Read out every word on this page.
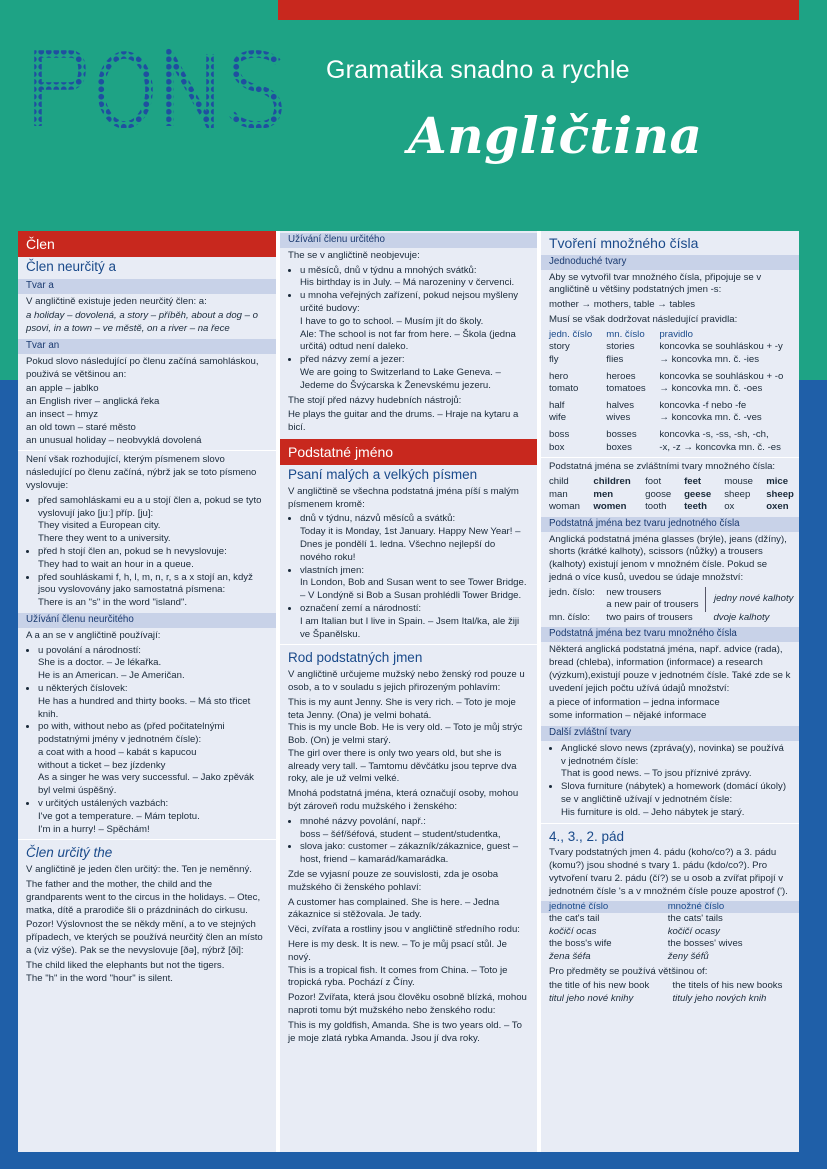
Gramatika snadno a rychle
Angličtina
Člen
Člen neurčitý a
Tvar a
V angličtině existuje jeden neurčitý člen: a:
a holiday – dovolená, a story – příběh, about a dog – o psovi, in a town – ve městě, on a river – na řece
Tvar an
Pokud slovo následující po členu začíná samohláskou, použivá se většinou an:
an apple – jablko
an English river – anglická řeka
an insect – hmyz
an old town – staré město
an unusual holiday – neobvyklá dovolená
Není však rozhodující, kterým písmenem slovo následující po členu začíná, nýbrž jak se toto písmeno vyslovuje:
• před samohláskami eu a u stojí člen a, pokud se tyto vyslovují jako [juː] příp. [ju]:
They visited a European city.
There they went to a university.
• před h stojí člen an, pokud se h nevyslovuje:
They had to wait an hour in a queue.
• před souhláskami f, h, l, m, n, r, s a x stojí an, když jsou vyslovovány jako samostatná písmena:
There is an "s" in the word "island".
Užívání členu neurčitého
A a an se v angličtině používají:
• u povolání a národností:
She is a doctor. – Je lékařka.
He is an American. – Je Američan.
• u některých číslovek:
He has a hundred and thirty books. – Má sto třicet knih.
• po with, without nebo as (před počitatelnými podstatnými jmény v jednotném čísle):
a coat with a hood – kabát s kapucou
without a ticket – bez jízdenky
As a singer he was very successful. – Jako zpěvák byl velmi úspěšný.
• v určitých ustálených vazbách:
I've got a temperature. – Mám teplotu.
I'm in a hurry! – Spěchám!
Člen určitý the
V angličtině je jeden člen určitý: the. Ten je neměnný.
The father and the mother, the child and the grandparents went to the circus in the holidays. – Otec, matka, dítě a prarodiče šli o prázdninách do cirkusu.
Pozor! Výslovnost the se někdy mění, a to ve stejných případech, ve kterých se používá neurčitý člen an místo a (viz výše). Pak se the nevyslovuje [ðə], nýbrž [ði]:
The child liked the elephants but not the tigers.
The "h" in the word "hour" is silent.
Užívání členu určitého
The se v angličtině neobjevuje:
• u měsíců, dnů v týdnu a mnohých svátků:
His birthday is in July. – Má narozeniny v červenci.
• u mnoha veřejných zařízení, pokud nejsou myšleny určité budovy:
I have to go to school. – Musím jít do školy.
Ale: The school is not far from here. – Škola (jedna určitá) odtud není daleko.
• před názvy zemí a jezer:
We are going to Switzerland to Lake Geneva. – Jedeme do Švýcarska k Ženevskému jezeru.
The stojí před názvy hudebních nástrojů:
He plays the guitar and the drums. – Hraje na kytaru a bicí.
Podstatné jméno
Psaní malých a velkých písmen
V angličtině se všechna podstatná jména píší s malým písmenem kromě:
• dnů v týdnu, názvů měsíců a svátků:
Today it is Monday, 1st January. Happy New Year! – Dnes je pondělí 1. ledna. Všechno nejlepší do nového roku!
• vlastních jmen:
In London, Bob and Susan went to see Tower Bridge. – V Londýně si Bob a Susan prohlédli Tower Bridge.
• označení zemí a národností:
I am Italian but I live in Spain. – Jsem Ital/ka, ale žiji ve Španělsku.
Rod podstatných jmen
V angličtině určujeme mužský nebo ženský rod pouze u osob, a to v souladu s jejich přirozeným pohlavím:
This is my aunt Jenny. She is very rich. – Toto je moje teta Jenny. (Ona) je velmi bohatá.
This is my uncle Bob. He is very old. – Toto je můj strýc Bob. (On) je velmi starý.
The girl over there is only two years old, but she is already very tall. – Tamtomu děvčátku jsou teprve dva roky, ale je už velmi velké.
Mnohá podstatná jména, která označují osoby, mohou být zároveň rodu mužského i ženského:
• mnohé názvy povolání, např.:
boss – šéf/šéfová, student – student/studentka,
• slova jako: customer – zákazník/zákaznice, guest – host, friend – kamarád/kamarádka.
Zde se vyjasní pouze ze souvislosti, zda je osoba mužského či ženského pohlaví:
A customer has complained. She is here. – Jedna zákaznice si stěžovala. Je tady.
Věci, zvířata a rostliny jsou v angličtině středního rodu:
Here is my desk. It is new. – To je můj psací stůl. Je nový.
This is a tropical fish. It comes from China. – Toto je tropická ryba. Pochází z Číny.
Pozor! Zvířata, která jsou člověku osobně blízká, mohou naproti tomu být mužského nebo ženského rodu:
This is my goldfish, Amanda. She is two years old. – To je moje zlatá rybka Amanda. Jsou jí dva roky.
Tvoření množného čísla
Jednoduché tvary
Aby se vytvořil tvar množného čísla, připojuje se v angličtině u většiny podstatných jmen -s:
mother → mothers, table → tables
Musí se však dodržovat následující pravidla:
jedn. číslo	mn. číslo	pravidlo
story	stories	koncovka se souhláskou + -y
fly	flies	→ koncovka mn. č. -ies
hero	heroes	koncovka se souhláskou + -o
tomato	tomatoes	→ koncovka mn. č. -oes
half	halves	koncovka -f nebo -fe
wife	wives	→ koncovka mn. č. -ves
boss	bosses	koncovka -s, -ss, -sh, -ch,
box	boxes	-x, -z → koncovka mn. č. -es
Podstatná jména se zvláštními tvary množného čísla:
child	children	foot	feet	mouse	mice
man	men	goose	geese	sheep	sheep
woman	women	tooth	teeth	ox	oxen
Podstatná jména bez tvaru jednotného čísla
Anglická podstatná jména glasses (brýle), jeans (džíny), shorts (krátké kalhoty), scissors (nůžky) a trousers (kalhoty) existují jenom v množném čísle. Pokud se jedná o více kusů, uvedou se údaje množství:
jedn. číslo:	new trousers	jedny nové kalhoty
	a new pair of trousers	
mn. číslo:	two pairs of trousers	dvoje kalhoty
Podstatná jména bez tvaru množného čísla
Některá anglická podstatná jména, např. advice (rada), bread (chleba), information (informace) a research (výzkum),existují pouze v jednotném čísle. Také zde se k uvedení jejich počtu užívá údajů množství:
a piece of information – jedna informace
some information – nějaké informace
Další zvláštní tvary
• Anglické slovo news (zpráva(y), novinka) se používá v jednotném čísle:
That is good news. – To jsou příznivé zprávy.
• Slova furniture (nábytek) a homework (domácí úkoly) se v angličtině užívají v jednotném čísle:
His furniture is old. – Jeho nábytek je starý.
4., 3., 2. pád
Tvary podstatných jmen 4. pádu (koho/co?) a 3. pádu (komu?) jsou shodné s tvary 1. pádu (kdo/co?). Pro vytvoření tvaru 2. pádu (čí?) se u osob a zvířat připojí v jednotném čísle 's a v množném čísle pouze apostrof (').
jednotné číslo	množné číslo
the cat's tail	the cats' tails
kočičí ocas	kočičí ocasy
the boss's wife	the bosses' wives
žena šéfa	ženy šéfů
Pro předměty se používá většinou of:
the title of his new book	the titels of his new books
titul jeho nové knihy	tituly jeho nových knih
